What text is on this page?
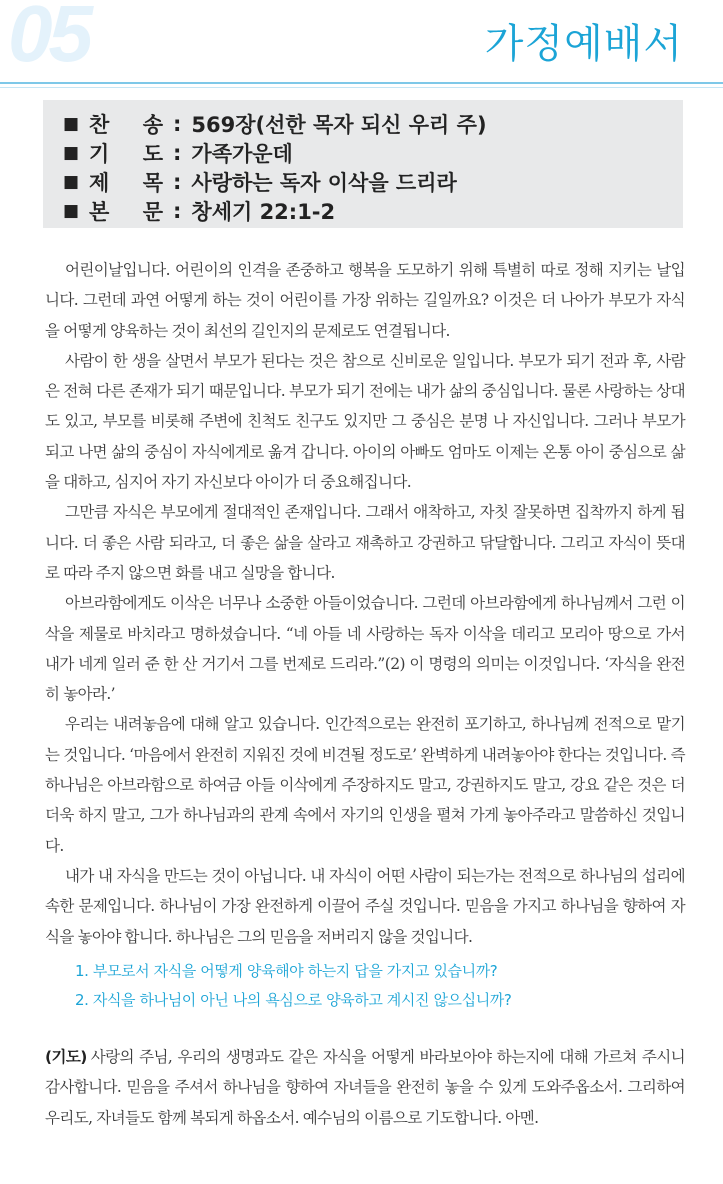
05	가정예배서
■ 찬 송 : 569장(선한 목자 되신 우리 주)
■ 기 도 : 가족가운데
■ 제 목 : 사랑하는 독자 이삭을 드리라
■ 본 문 : 창세기 22:1-2

어린이날입니다. 어린이의 인격을 존중하고 행복을 도모하기 위해 특별히 따로 정해 지키는 날입니다. 그런데 과연 어떻게 하는 것이 어린이를 가장 위하는 길일까요? 이것은 더 나아가 부모가 자식을 어떻게 양육하는 것이 최선의 길인지의 문제로도 연결됩니다.

사람이 한 생을 살면서 부모가 된다는 것은 참으로 신비로운 일입니다. 부모가 되기 전과 후, 사람은 전혀 다른 존재가 되기 때문입니다. 부모가 되기 전에는 내가 삶의 중심입니다. 물론 사랑하는 상대도 있고, 부모를 비롯해 주변에 친척도 친구도 있지만 그 중심은 분명 나 자신입니다. 그러나 부모가 되고 나면 삶의 중심이 자식에게로 옮겨 갑니다. 아이의 아빠도 엄마도 이제는 온통 아이 중심으로 삶을 대하고, 심지어 자기 자신보다 아이가 더 중요해집니다.

그만큼 자식은 부모에게 절대적인 존재입니다. 그래서 애착하고, 자칫 잘못하면 집착까지 하게 됩니다. 더 좋은 사람 되라고, 더 좋은 삶을 살라고 재촉하고 강권하고 닦달합니다. 그리고 자식이 뜻대로 따라 주지 않으면 화를 내고 실망을 합니다.

아브라함에게도 이삭은 너무나 소중한 아들이었습니다. 그런데 아브라함에게 하나님께서 그런 이삭을 제물로 바치라고 명하셨습니다. “네 아들 네 사랑하는 독자 이삭을 데리고 모리아 땅으로 가서 내가 네게 일러 준 한 산 거기서 그를 번제로 드리라.”(2) 이 명령의 의미는 이것입니다. ‘자식을 완전히 놓아라.’

우리는 내려놓음에 대해 알고 있습니다. 인간적으로는 완전히 포기하고, 하나님께 전적으로 맡기는 것입니다. ‘마음에서 완전히 지워진 것에 비견될 정도로’ 완벽하게 내려놓아야 한다는 것입니다. 즉 하나님은 아브라함으로 하여금 아들 이삭에게 주장하지도 말고, 강권하지도 말고, 강요 같은 것은 더더욱 하지 말고, 그가 하나님과의 관계 속에서 자기의 인생을 펼쳐 가게 놓아주라고 말씀하신 것입니다.

내가 내 자식을 만드는 것이 아닙니다. 내 자식이 어떤 사람이 되는가는 전적으로 하나님의 섭리에 속한 문제입니다. 하나님이 가장 완전하게 이끌어 주실 것입니다. 믿음을 가지고 하나님을 향하여 자식을 놓아야 합니다. 하나님은 그의 믿음을 저버리지 않을 것입니다.

1. 부모로서 자식을 어떻게 양육해야 하는지 답을 가지고 있습니까?
2. 자식을 하나님이 아닌 나의 욕심으로 양육하고 계시진 않으십니까?
(기도) 사랑의 주님, 우리의 생명과도 같은 자식을 어떻게 바라보아야 하는지에 대해 가르쳐 주시니 감사합니다. 믿음을 주셔서 하나님을 향하여 자녀들을 완전히 놓을 수 있게 도와주옵소서. 그리하여 우리도, 자녀들도 함께 복되게 하옵소서. 예수님의 이름으로 기도합니다. 아멘.
